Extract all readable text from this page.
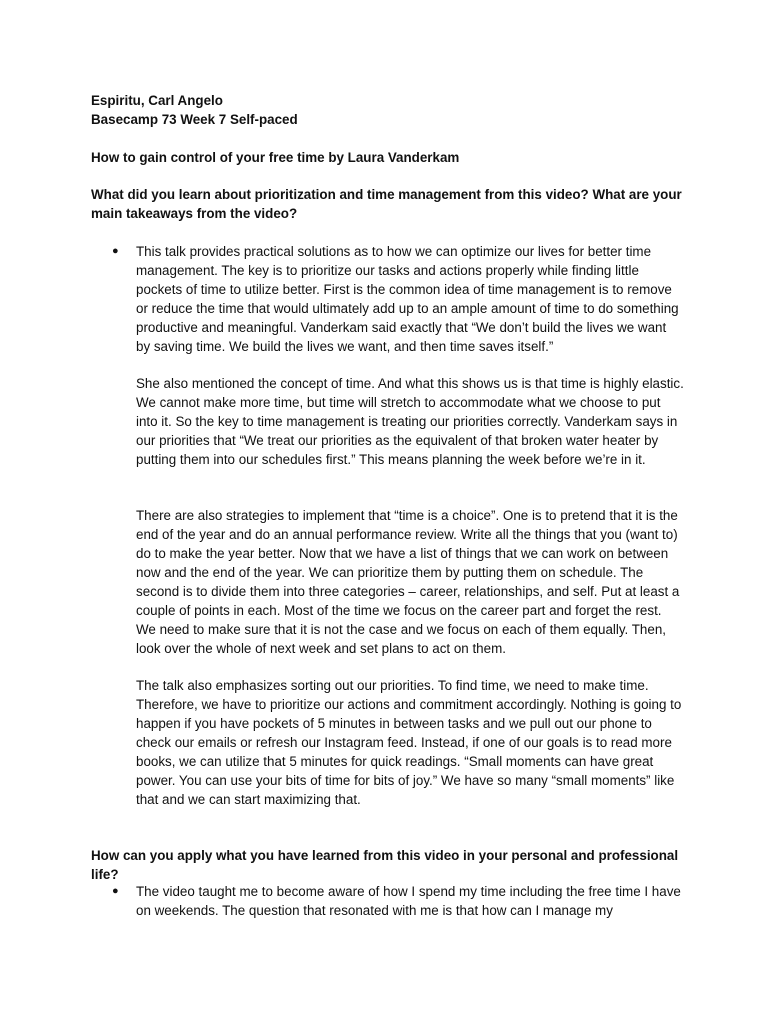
Espiritu, Carl Angelo
Basecamp 73 Week 7 Self-paced
How to gain control of your free time by Laura Vanderkam
What did you learn about prioritization and time management from this video? What are your main takeaways from the video?
● This talk provides practical solutions as to how we can optimize our lives for better time management. The key is to prioritize our tasks and actions properly while finding little pockets of time to utilize better. First is the common idea of time management is to remove or reduce the time that would ultimately add up to an ample amount of time to do something productive and meaningful. Vanderkam said exactly that “We don’t build the lives we want by saving time. We build the lives we want, and then time saves itself.”

She also mentioned the concept of time. And what this shows us is that time is highly elastic. We cannot make more time, but time will stretch to accommodate what we choose to put into it. So the key to time management is treating our priorities correctly. Vanderkam says in our priorities that “We treat our priorities as the equivalent of that broken water heater by putting them into our schedules first.” This means planning the week before we’re in it.

There are also strategies to implement that “time is a choice”. One is to pretend that it is the end of the year and do an annual performance review. Write all the things that you (want to) do to make the year better. Now that we have a list of things that we can work on between now and the end of the year. We can prioritize them by putting them on schedule. The second is to divide them into three categories – career, relationships, and self. Put at least a couple of points in each. Most of the time we focus on the career part and forget the rest. We need to make sure that it is not the case and we focus on each of them equally. Then, look over the whole of next week and set plans to act on them.

The talk also emphasizes sorting out our priorities. To find time, we need to make time. Therefore, we have to prioritize our actions and commitment accordingly. Nothing is going to happen if you have pockets of 5 minutes in between tasks and we pull out our phone to check our emails or refresh our Instagram feed. Instead, if one of our goals is to read more books, we can utilize that 5 minutes for quick readings. “Small moments can have great power. You can use your bits of time for bits of joy.” We have so many “small moments” like that and we can start maximizing that.

How can you apply what you have learned from this video in your personal and professional life?
● The video taught me to become aware of how I spend my time including the free time I have on weekends. The question that resonated with me is that how can I manage my
